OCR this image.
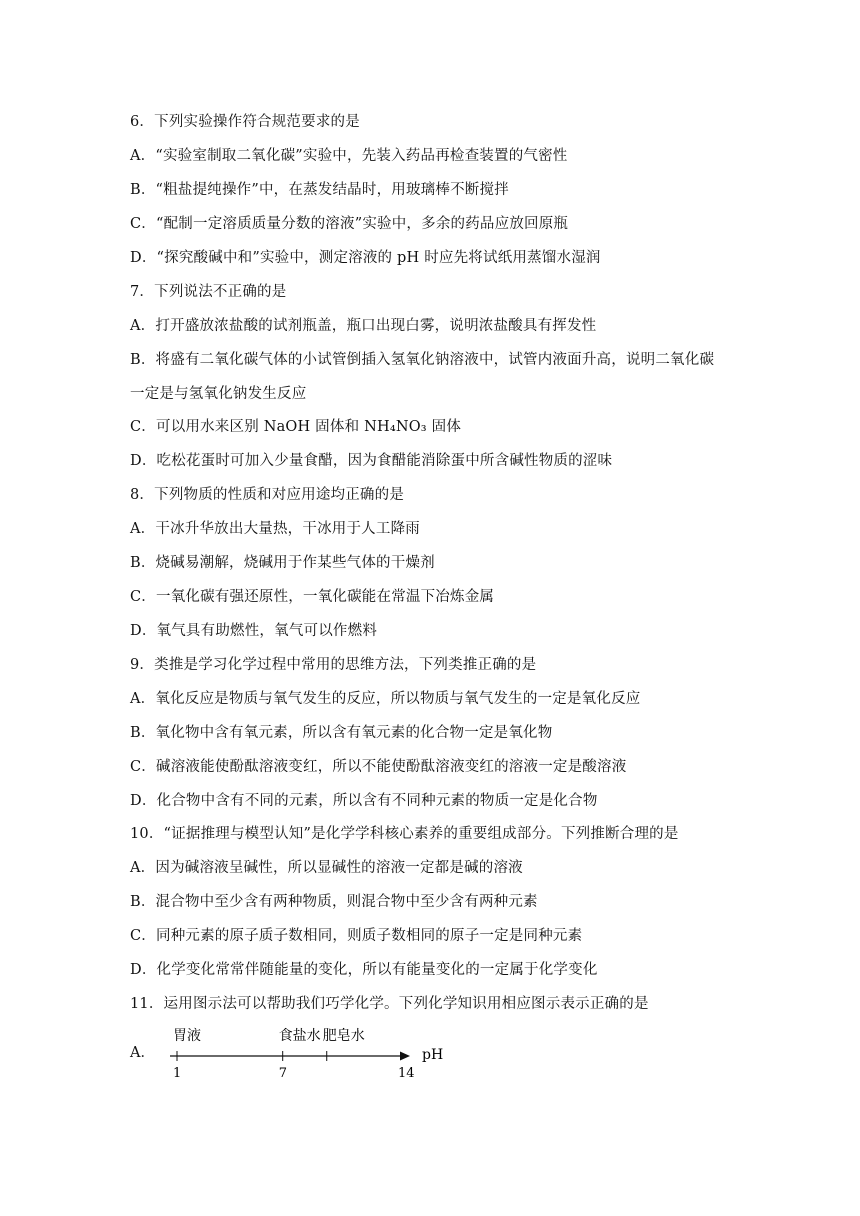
6．下列实验操作符合规范要求的是
A．“实验室制取二氧化碳”实验中，先装入药品再检查装置的气密性
B．“粗盐提纯操作”中，在蒸发结晶时，用玻璃棒不断搅拌
C．“配制一定溶质质量分数的溶液”实验中，多余的药品应放回原瓶
D．“探究酸碱中和”实验中，测定溶液的 pH 时应先将试纸用蒸馏水湿润
7．下列说法不正确的是
A．打开盛放浓盐酸的试剂瓶盖，瓶口出现白雾，说明浓盐酸具有挥发性
B．将盛有二氧化碳气体的小试管倒插入氢氧化钠溶液中，试管内液面升高，说明二氧化碳
一定是与氢氧化钠发生反应
C．可以用水来区别 NaOH 固体和 NH₄NO₃ 固体
D．吃松花蛋时可加入少量食醋，因为食醋能消除蛋中所含碱性物质的涩味
8．下列物质的性质和对应用途均正确的是
A．干冰升华放出大量热，干冰用于人工降雨
B．烧碱易潮解，烧碱用于作某些气体的干燥剂
C．一氧化碳有强还原性，一氧化碳能在常温下冶炼金属
D．氧气具有助燃性，氧气可以作燃料
9．类推是学习化学过程中常用的思维方法，下列类推正确的是
A．氧化反应是物质与氧气发生的反应，所以物质与氧气发生的一定是氧化反应
B．氧化物中含有氧元素，所以含有氧元素的化合物一定是氧化物
C．碱溶液能使酚酞溶液变红，所以不能使酚酞溶液变红的溶液一定是酸溶液
D．化合物中含有不同的元素，所以含有不同种元素的物质一定是化合物
10．“证据推理与模型认知”是化学学科核心素养的重要组成部分。下列推断合理的是
A．因为碱溶液呈碱性，所以显碱性的溶液一定都是碱的溶液
B．混合物中至少含有两种物质，则混合物中至少含有两种元素
C．同种元素的原子质子数相同，则质子数相同的原子一定是同种元素
D．化学变化常常伴随能量的变化，所以有能量变化的一定属于化学变化
11．运用图示法可以帮助我们巧学化学。下列化学知识用相应图示表示正确的是
A．	pH
胃液
1
食盐水
7
肥皂水
14
